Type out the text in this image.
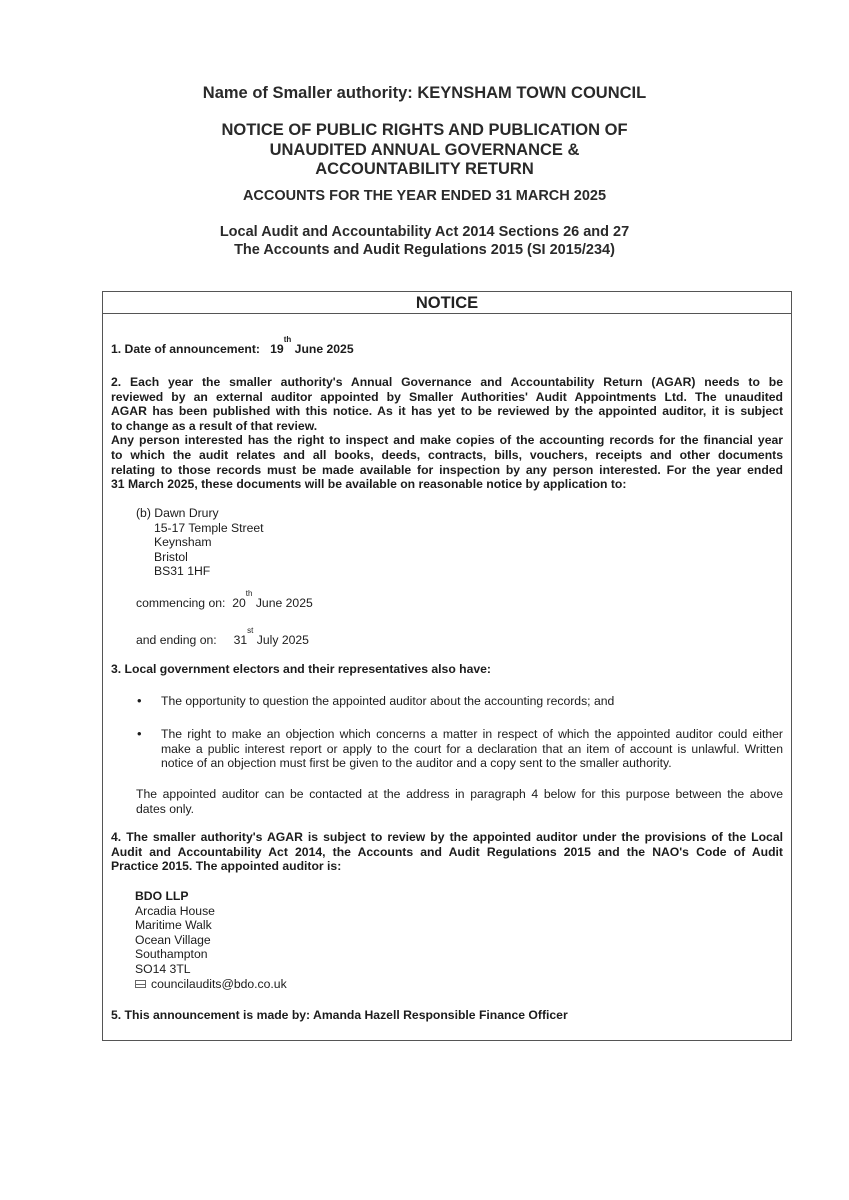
Name of Smaller authority: KEYNSHAM TOWN COUNCIL
NOTICE OF PUBLIC RIGHTS AND PUBLICATION OF
UNAUDITED ANNUAL GOVERNANCE &
ACCOUNTABILITY RETURN
ACCOUNTS FOR THE YEAR ENDED 31 MARCH 2025
Local Audit and Accountability Act 2014 Sections 26 and 27
The Accounts and Audit Regulations 2015 (SI 2015/234)
NOTICE
1. Date of announcement: 19th June 2025
2. Each year the smaller authority's Annual Governance and Accountability Return (AGAR) needs to be
reviewed by an external auditor appointed by Smaller Authorities' Audit Appointments Ltd. The unaudited
AGAR has been published with this notice. As it has yet to be reviewed by the appointed auditor, it is subject
to change as a result of that review.
Any person interested has the right to inspect and make copies of the accounting records for the financial year
to which the audit relates and all books, deeds, contracts, bills, vouchers, receipts and other documents
relating to those records must be made available for inspection by any person interested. For the year ended
31 March 2025, these documents will be available on reasonable notice by application to:
(b) Dawn Drury
15-17 Temple Street
Keynsham
Bristol
BS31 1HF
commencing on: 20th June 2025
and ending on: 31st July 2025
3. Local government electors and their representatives also have:
• The opportunity to question the appointed auditor about the accounting records; and
• The right to make an objection which concerns a matter in respect of which the appointed auditor could either
make a public interest report or apply to the court for a declaration that an item of account is unlawful. Written
notice of an objection must first be given to the auditor and a copy sent to the smaller authority.
The appointed auditor can be contacted at the address in paragraph 4 below for this purpose between the above
dates only.
4. The smaller authority's AGAR is subject to review by the appointed auditor under the provisions of the Local
Audit and Accountability Act 2014, the Accounts and Audit Regulations 2015 and the NAO's Code of Audit
Practice 2015. The appointed auditor is:
BDO LLP
Arcadia House
Maritime Walk
Ocean Village
Southampton
SO14 3TL
councilaudits@bdo.co.uk
5. This announcement is made by: Amanda Hazell Responsible Finance Officer
